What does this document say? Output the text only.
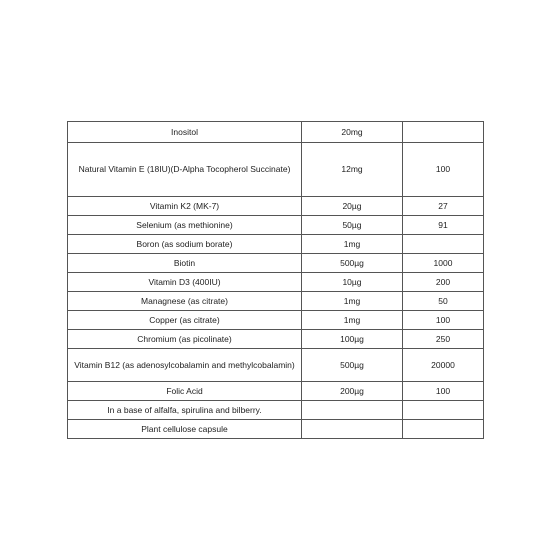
Inositol	20mg	
Natural Vitamin E (18IU)(D-Alpha Tocopherol Succinate)	12mg	100
Vitamin K2 (MK-7)	20µg	27
Selenium (as methionine)	50µg	91
Boron (as sodium borate)	1mg	
Biotin	500µg	1000
Vitamin D3 (400IU)	10µg	200
Managnese (as citrate)	1mg	50
Copper (as citrate)	1mg	100
Chromium (as picolinate)	100µg	250
Vitamin B12 (as adenosylcobalamin and methylcobalamin)	500µg	20000
Folic Acid	200µg	100
In a base of alfalfa, spirulina and bilberry.		
Plant cellulose capsule		
